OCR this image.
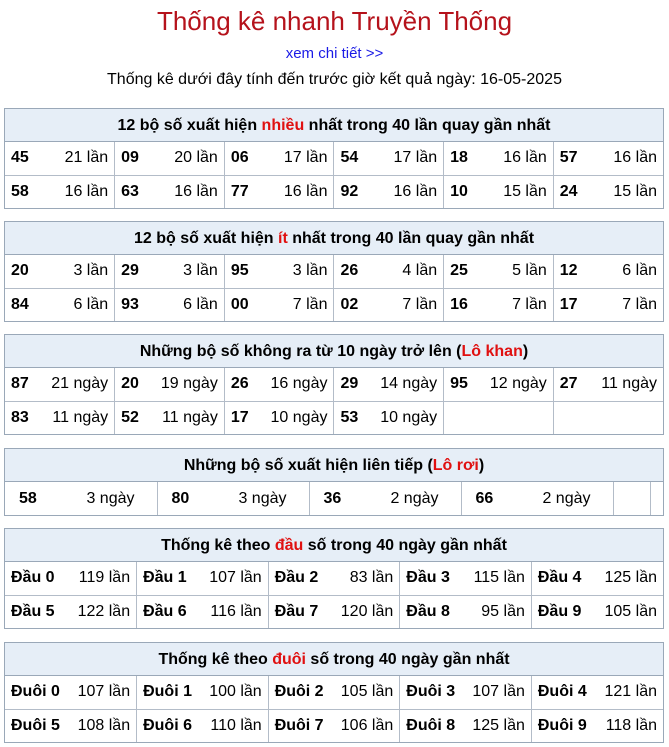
Thống kê nhanh Truyền Thống
xem chi tiết >>
Thống kê dưới đây tính đến trước giờ kết quả ngày: 16-05-2025
12 bộ số xuất hiện nhiều nhất trong 40 lần quay gần nhất
45 21 lần	09 20 lần	06 17 lần	54 17 lần	18 16 lần	57 16 lần

58 16 lần	63 16 lần	77 16 lần	92 16 lần	10 15 lần	24 15 lần
12 bộ số xuất hiện ít nhất trong 40 lần quay gần nhất
20 3 lần	29 3 lần	95 3 lần	26 4 lần	25 5 lần	12 6 lần

84 6 lần	93 6 lần	00 7 lần	02 7 lần	16 7 lần	17 7 lần
Những bộ số không ra từ 10 ngày trở lên (Lô khan)
87 21 ngày	20 19 ngày	26 16 ngày	29 14 ngày	95 12 ngày	27 11 ngày

83 11 ngày	52 11 ngày	17 10 ngày	53 10 ngày		

Những bộ số xuất hiện liên tiếp (Lô rơi)
58	3 ngày	80	3 ngày	36	2 ngày	66	2 ngày

Thống kê theo đầu số trong 40 ngày gần nhất
Đầu 0 119 lần	Đầu 1 107 lần	Đầu 2 83 lần	Đầu 3 115 lần	Đầu 4 125 lần

Đầu 5 122 lần	Đầu 6 116 lần	Đầu 7 120 lần	Đầu 8 95 lần	Đầu 9 105 lần
Thống kê theo đuôi số trong 40 ngày gần nhất
Đuôi 0 107 lần	Đuôi 1 100 lần	Đuôi 2 105 lần	Đuôi 3 107 lần	Đuôi 4 121 lần

Đuôi 5 108 lần	Đuôi 6 110 lần	Đuôi 7 106 lần	Đuôi 8 125 lần	Đuôi 9 118 lần
